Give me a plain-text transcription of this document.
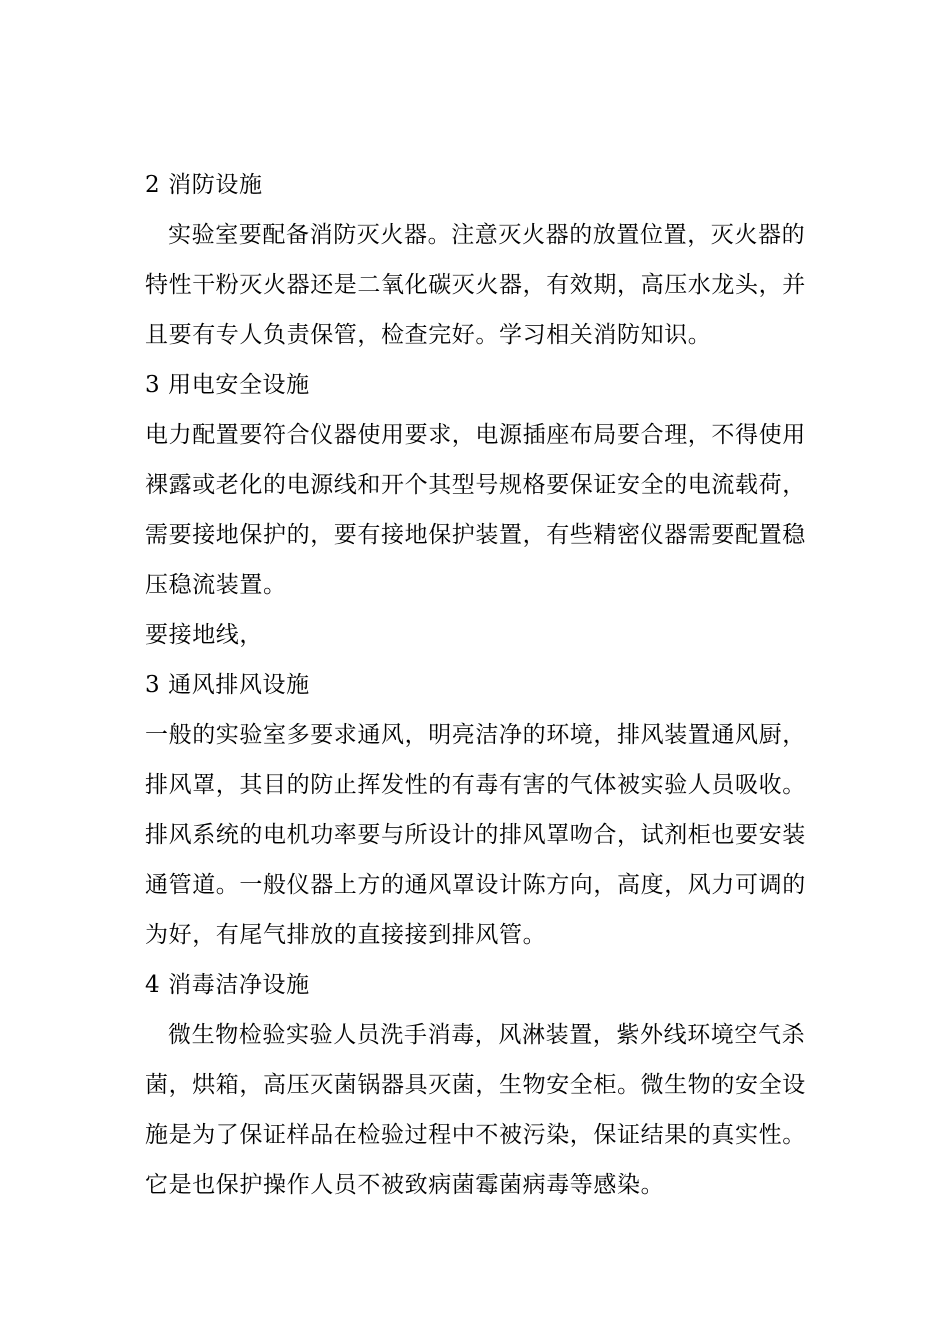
2 消防设施
实验室要配备消防灭火器。注意灭火器的放置位置，灭火器的
特性干粉灭火器还是二氧化碳灭火器，有效期，高压水龙头，并
且要有专人负责保管，检查完好。学习相关消防知识。
3 用电安全设施
电力配置要符合仪器使用要求，电源插座布局要合理，不得使用
裸露或老化的电源线和开个其型号规格要保证安全的电流载荷，
需要接地保护的，要有接地保护装置，有些精密仪器需要配置稳
压稳流装置。
要接地线，
3 通风排风设施
一般的实验室多要求通风，明亮洁净的环境，排风装置通风厨，
排风罩，其目的防止挥发性的有毒有害的气体被实验人员吸收。
排风系统的电机功率要与所设计的排风罩吻合，试剂柜也要安装
通管道。一般仪器上方的通风罩设计陈方向，高度，风力可调的
为好，有尾气排放的直接接到排风管。
4 消毒洁净设施
微生物检验实验人员洗手消毒，风淋装置，紫外线环境空气杀
菌，烘箱，高压灭菌锅器具灭菌，生物安全柜。微生物的安全设
施是为了保证样品在检验过程中不被污染，保证结果的真实性。
它是也保护操作人员不被致病菌霉菌病毒等感染。
